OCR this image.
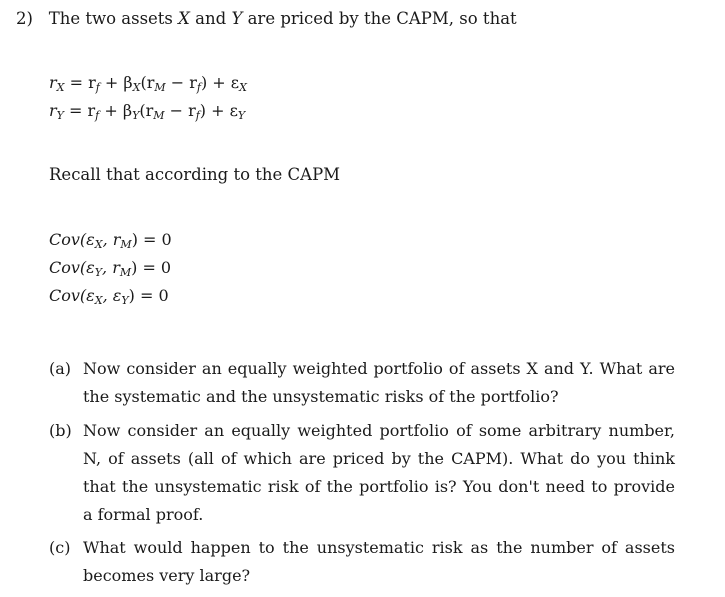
2) The two assets X and Y are priced by the CAPM, so that
$r_X = r_f + \beta_X(r_M - r_f) + \varepsilon_X$
$r_Y = r_f + \beta_Y(r_M - r_f) + \varepsilon_Y$
Recall that according to the CAPM
$Cov(\varepsilon_X$, $r_M) = 0$
$Cov(\varepsilon_Y$, $r_M) = 0$
$Cov(\varepsilon_X$, $\varepsilon_Y) = 0$
(a) Now consider an equally weighted portfolio of assets X and Y. What are the systematic and the unsystematic risks of the portfolio?
(b) Now consider an equally weighted portfolio of some arbitrary number, N, of assets (all of which are priced by the CAPM). What do you think that the unsystematic risk of the portfolio is? You don't need to provide a formal proof.
(c) What would happen to the unsystematic risk as the number of assets becomes very large?
